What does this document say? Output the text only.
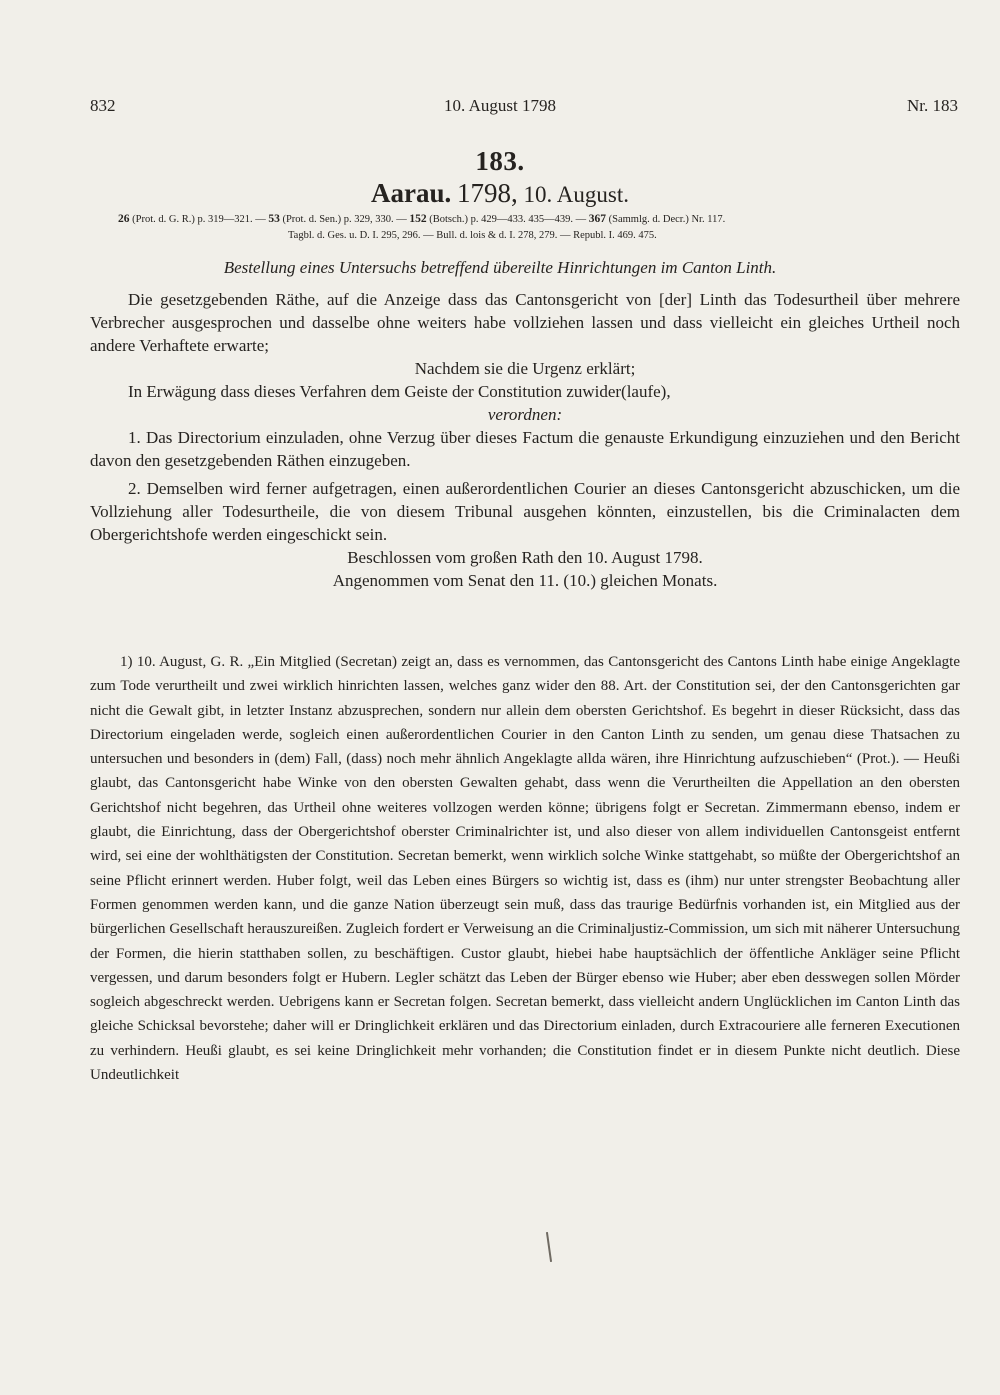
832	10. August 1798	Nr. 183
183.
Aarau. 1798, 10. August.
26 (Prot. d. G. R.) p. 319—321. — 53 (Prot. d. Sen.) p. 329, 330. — 152 (Botsch.) p. 429—433. 435—439. — 367 (Sammlg. d. Decr.) Nr. 117.
Tagbl. d. Ges. u. D. I. 295, 296. — Bull. d. lois & d. I. 278, 279. — Republ. I. 469. 475.
Bestellung eines Untersuchs betreffend übereilte Hinrichtungen im Canton Linth.

Die gesetzgebenden Räthe, auf die Anzeige dass das Cantonsgericht von [der] Linth das Todesurtheil über mehrere Verbrecher ausgesprochen und dasselbe ohne weiters habe vollziehen lassen und dass vielleicht ein gleiches Urtheil noch andere Verhaftete erwarte;

Nachdem sie die Urgenz erklärt;

In Erwägung dass dieses Verfahren dem Geiste der Constitution zuwider(laufe),

verordnen:

1. Das Directorium einzuladen, ohne Verzug über dieses Factum die genauste Erkundigung einzuziehen und den Bericht davon den gesetzgebenden Räthen einzugeben.

2. Demselben wird ferner aufgetragen, einen außerordentlichen Courier an dieses Cantonsgericht abzuschicken, um die Vollziehung aller Todesurtheile, die von diesem Tribunal ausgehen könnten, einzustellen, bis die Criminalacten dem Obergerichtshofe werden eingeschickt sein.

Beschlossen vom großen Rath den 10. August 1798.

Angenommen vom Senat den 11. (10.) gleichen Monats.

1) 10. August, G. R. „Ein Mitglied (Secretan) zeigt an, dass es vernommen, das Cantonsgericht des Cantons Linth habe einige Angeklagte zum Tode verurtheilt und zwei wirklich hinrichten lassen, welches ganz wider den 88. Art. der Constitution sei, der den Cantonsgerichten gar nicht die Gewalt gibt, in letzter Instanz abzusprechen, sondern nur allein dem obersten Gerichtshof. Es begehrt in dieser Rücksicht, dass das Directorium eingeladen werde, sogleich einen außerordentlichen Courier in den Canton Linth zu senden, um genau diese Thatsachen zu untersuchen und besonders in (dem) Fall, (dass) noch mehr ähnlich Angeklagte allda wären, ihre Hinrichtung aufzuschieben“ (Prot.). — Heußi glaubt, das Cantonsgericht habe Winke von den obersten Gewalten gehabt, dass wenn die Verurtheilten die Appellation an den obersten Gerichtshof nicht begehren, das Urtheil ohne weiteres vollzogen werden könne; übrigens folgt er Secretan. Zimmermann ebenso, indem er glaubt, die Einrichtung, dass der Obergerichtshof oberster Criminalrichter ist, und also dieser von allem individuellen Cantonsgeist entfernt wird, sei eine der wohlthätigsten der Constitution. Secretan bemerkt, wenn wirklich solche Winke stattgehabt, so müßte der Obergerichtshof an seine Pflicht erinnert werden. Huber folgt, weil das Leben eines Bürgers so wichtig ist, dass es (ihm) nur unter strengster Beobachtung aller Formen genommen werden kann, und die ganze Nation überzeugt sein muß, dass das traurige Bedürfnis vorhanden ist, ein Mitglied aus der bürgerlichen Gesellschaft herauszureißen. Zugleich fordert er Verweisung an die Criminaljustiz-Commission, um sich mit näherer Untersuchung der Formen, die hierin statthaben sollen, zu beschäftigen. Custor glaubt, hiebei habe hauptsächlich der öffentliche Ankläger seine Pflicht vergessen, und darum besonders folgt er Hubern. Legler schätzt das Leben der Bürger ebenso wie Huber; aber eben desswegen sollen Mörder sogleich abgeschreckt werden. Uebrigens kann er Secretan folgen. Secretan bemerkt, dass vielleicht andern Unglücklichen im Canton Linth das gleiche Schicksal bevorstehe; daher will er Dringlichkeit erklären und das Directorium einladen, durch Extracouriere alle ferneren Executionen zu verhindern. Heußi glaubt, es sei keine Dringlichkeit mehr vorhanden; die Constitution findet er in diesem Punkte nicht deutlich. Diese Undeutlichkeit
